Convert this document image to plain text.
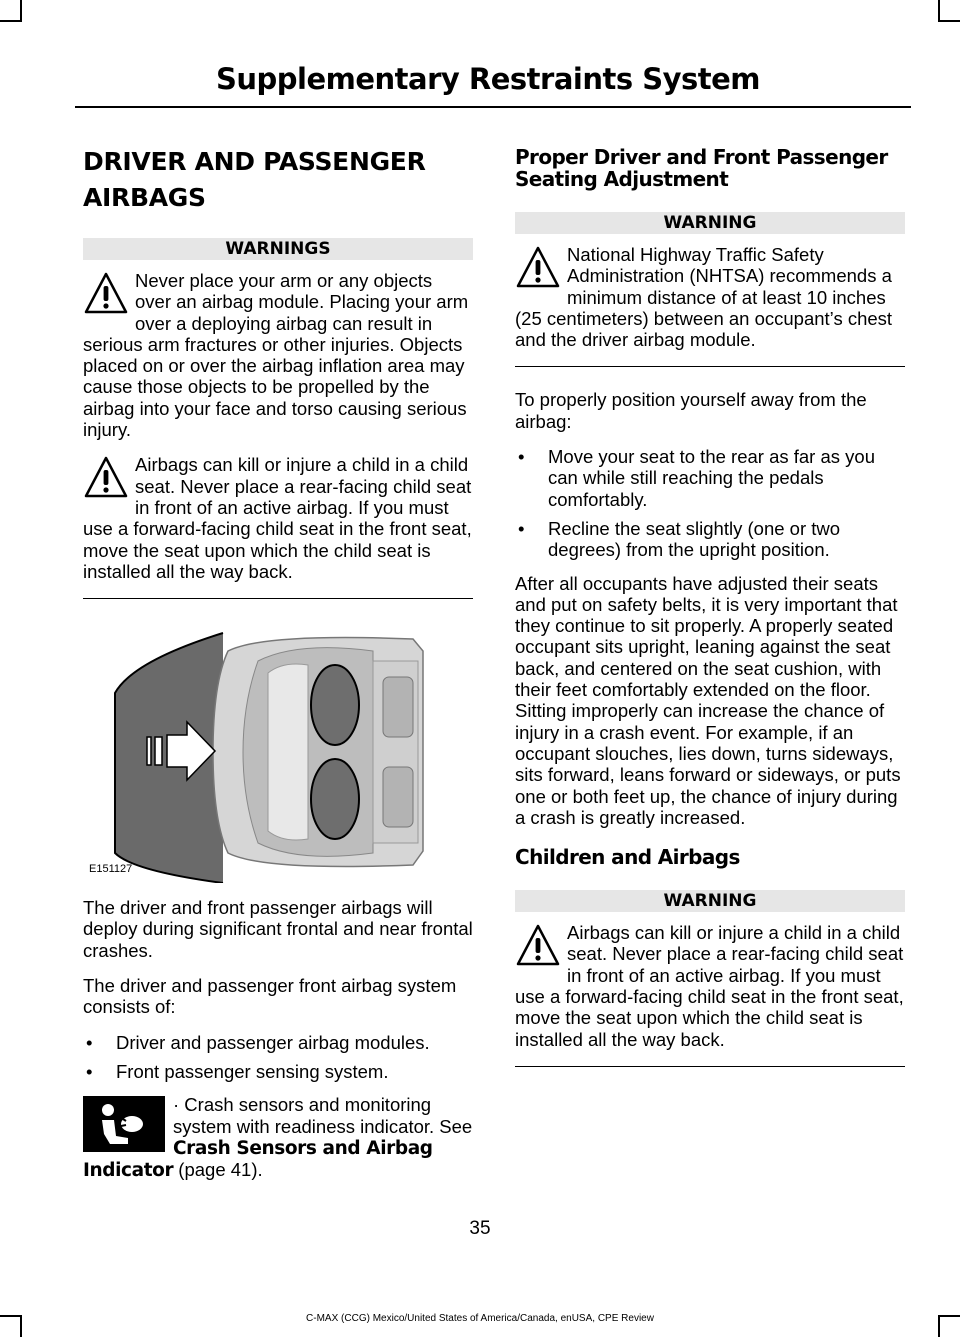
Supplementary Restraints System
DRIVER AND PASSENGER
AIRBAGS
WARNINGS
Never place your arm or any objects over an airbag module. Placing your arm over a deploying airbag can result in serious arm fractures or other injuries. Objects placed on or over the airbag inflation area may cause those objects to be propelled by the airbag into your face and torso causing serious injury.
Airbags can kill or injure a child in a child seat. Never place a rear-facing child seat in front of an active airbag. If you must use a forward-facing child seat in the front seat, move the seat upon which the child seat is installed all the way back.
E151127

The driver and front passenger airbags will deploy during significant frontal and near frontal crashes.

The driver and passenger front airbag system consists of:

• Driver and passenger airbag modules.
• Front passenger sensing system.

· Crash sensors and monitoring system with readiness indicator. See Crash Sensors and Airbag Indicator (page 41).

Proper Driver and Front Passenger Seating Adjustment
WARNING
National Highway Traffic Safety Administration (NHTSA) recommends a minimum distance of at least 10 inches (25 centimeters) between an occupant’s chest and the driver airbag module.

To properly position yourself away from the airbag:

• Move your seat to the rear as far as you can while still reaching the pedals comfortably.
• Recline the seat slightly (one or two degrees) from the upright position.

After all occupants have adjusted their seats and put on safety belts, it is very important that they continue to sit properly. A properly seated occupant sits upright, leaning against the seat back, and centered on the seat cushion, with their feet comfortably extended on the floor. Sitting improperly can increase the chance of injury in a crash event. For example, if an occupant slouches, lies down, turns sideways, sits forward, leans forward or sideways, or puts one or both feet up, the chance of injury during a crash is greatly increased.

Children and Airbags
WARNING
Airbags can kill or injure a child in a child seat. Never place a rear-facing child seat in front of an active airbag. If you must use a forward-facing child seat in the front seat, move the seat upon which the child seat is installed all the way back.

35

C-MAX (CCG) Mexico/United States of America/Canada, enUSA, CPE Review
